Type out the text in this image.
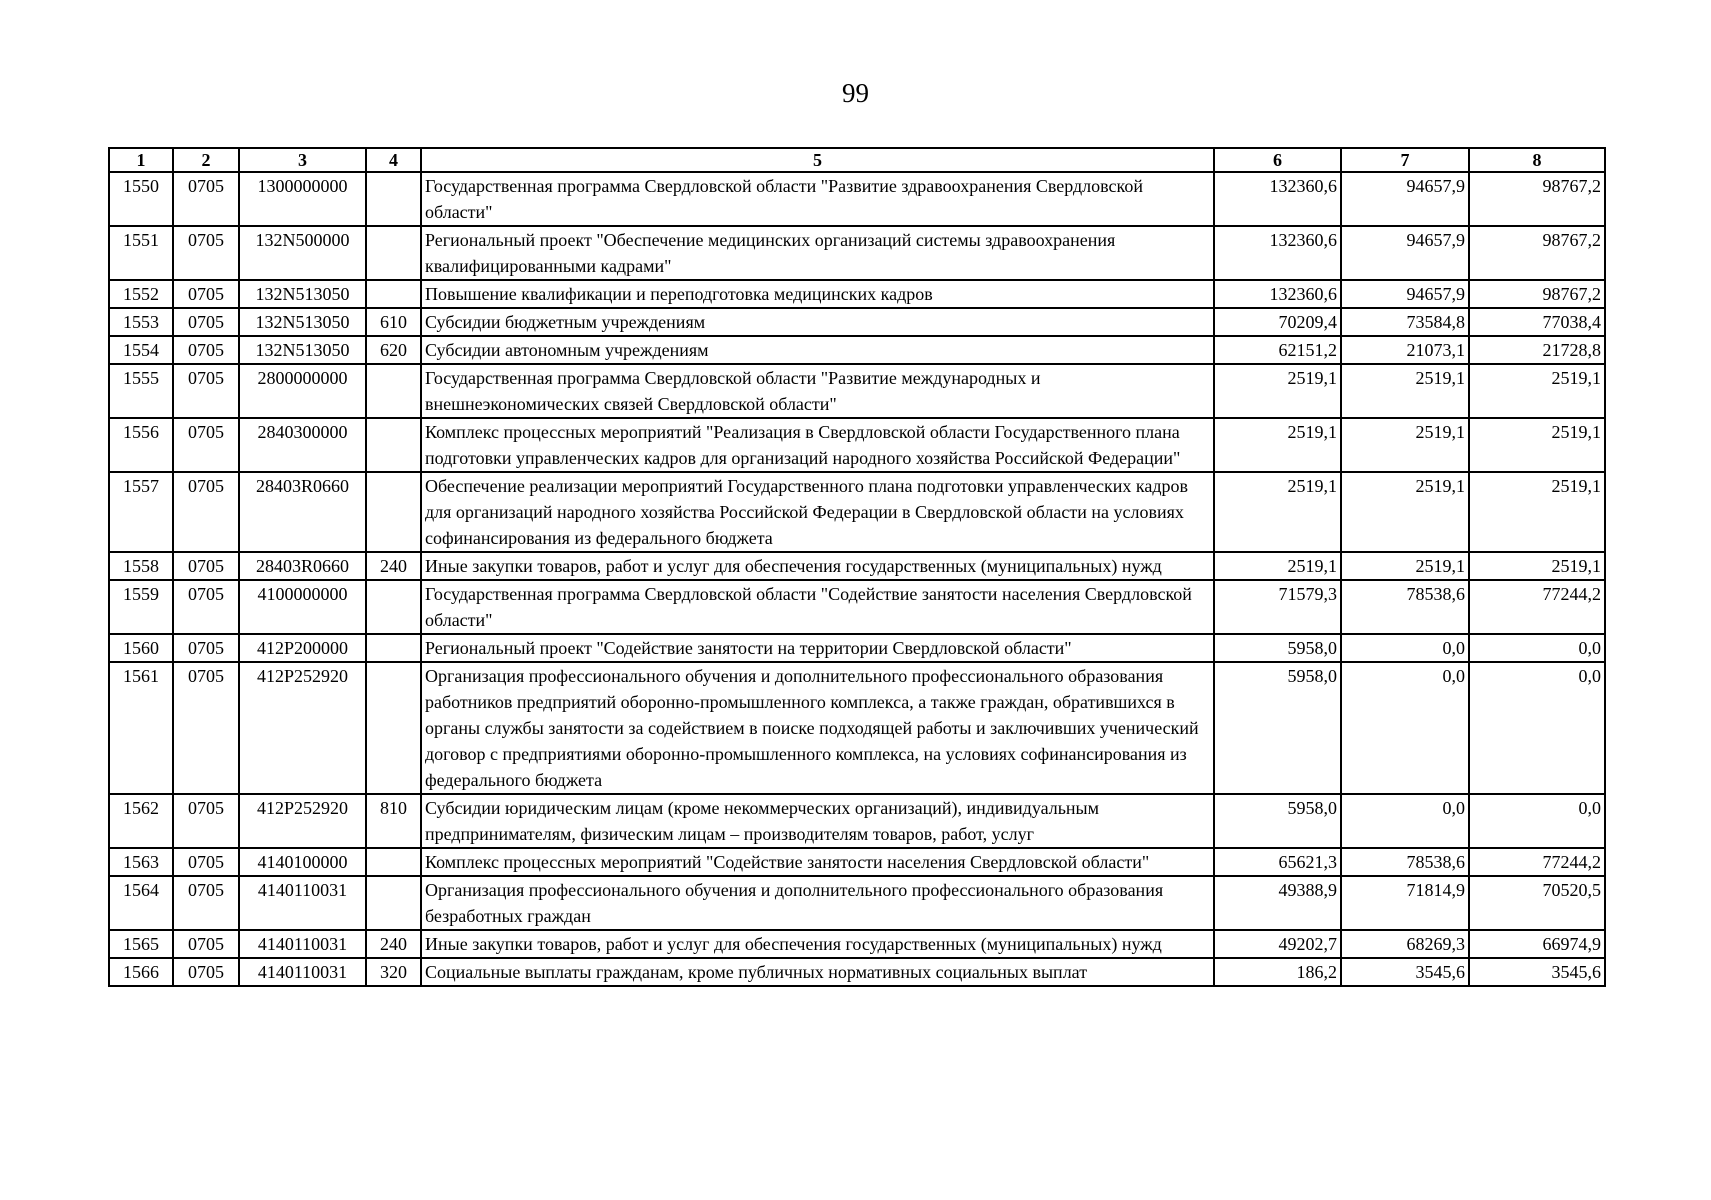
99
1	2	3	4	5	6	7	8
1550	0705	1300000000		Государственная программа Свердловской области "Развитие здравоохранения Свердловской области"	132360,6	94657,9	98767,2
1551	0705	132N500000		Региональный проект "Обеспечение медицинских организаций системы здравоохранения квалифицированными кадрами"	132360,6	94657,9	98767,2
1552	0705	132N513050		Повышение квалификации и переподготовка медицинских кадров	132360,6	94657,9	98767,2
1553	0705	132N513050	610	Субсидии бюджетным учреждениям	70209,4	73584,8	77038,4
1554	0705	132N513050	620	Субсидии автономным учреждениям	62151,2	21073,1	21728,8
1555	0705	2800000000		Государственная программа Свердловской области "Развитие международных и внешнеэкономических связей Свердловской области"	2519,1	2519,1	2519,1
1556	0705	2840300000		Комплекс процессных мероприятий "Реализация в Свердловской области Государственного плана подготовки управленческих кадров для организаций народного хозяйства Российской Федерации"	2519,1	2519,1	2519,1
1557	0705	28403R0660		Обеспечение реализации мероприятий Государственного плана подготовки управленческих кадров для организаций народного хозяйства Российской Федерации в Свердловской области на условиях софинансирования из федерального бюджета	2519,1	2519,1	2519,1
1558	0705	28403R0660	240	Иные закупки товаров, работ и услуг для обеспечения государственных (муниципальных) нужд	2519,1	2519,1	2519,1
1559	0705	4100000000		Государственная программа Свердловской области "Содействие занятости населения Свердловской области"	71579,3	78538,6	77244,2
1560	0705	412P200000		Региональный проект "Содействие занятости на территории Свердловской области"	5958,0	0,0	0,0
1561	0705	412P252920		Организация профессионального обучения и дополнительного профессионального образования работников предприятий оборонно-промышленного комплекса, а также граждан, обратившихся в органы службы занятости за содействием в поиске подходящей работы и заключивших ученический договор с предприятиями оборонно-промышленного комплекса, на условиях софинансирования из федерального бюджета	5958,0	0,0	0,0
1562	0705	412P252920	810	Субсидии юридическим лицам (кроме некоммерческих организаций), индивидуальным предпринимателям, физическим лицам – производителям товаров, работ, услуг	5958,0	0,0	0,0
1563	0705	4140100000		Комплекс процессных мероприятий "Содействие занятости населения Свердловской области"	65621,3	78538,6	77244,2
1564	0705	4140110031		Организация профессионального обучения и дополнительного профессионального образования безработных граждан	49388,9	71814,9	70520,5
1565	0705	4140110031	240	Иные закупки товаров, работ и услуг для обеспечения государственных (муниципальных) нужд	49202,7	68269,3	66974,9
1566	0705	4140110031	320	Социальные выплаты гражданам, кроме публичных нормативных социальных выплат	186,2	3545,6	3545,6
